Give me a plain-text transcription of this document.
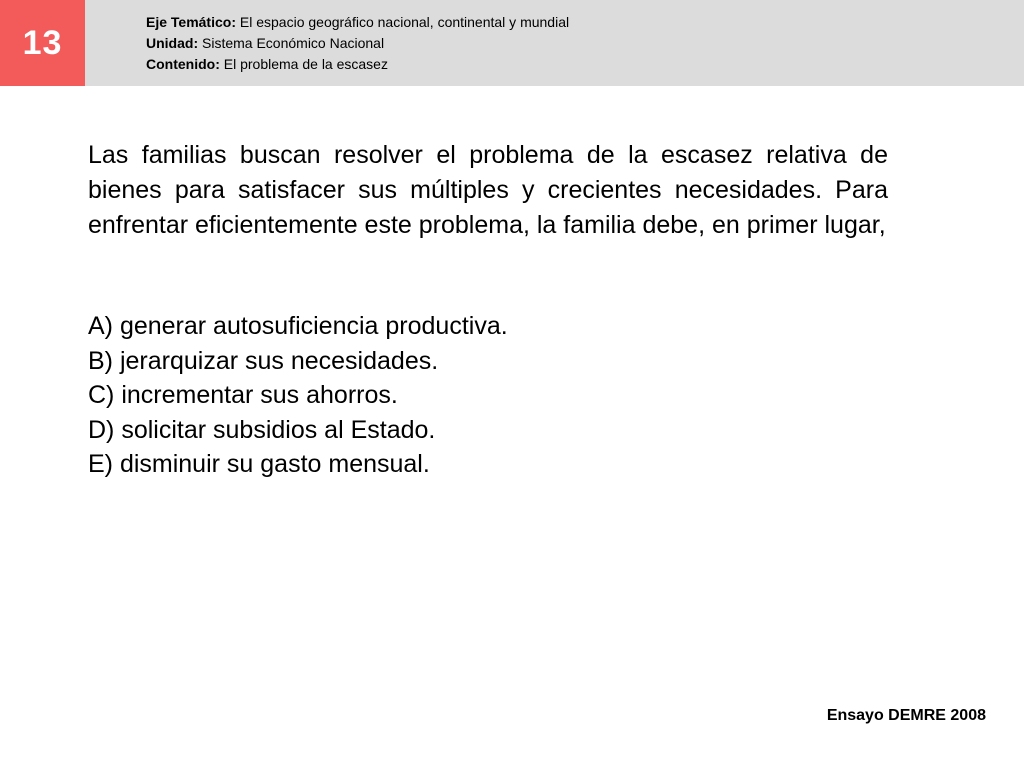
13
Eje Temático: El espacio geográfico nacional, continental y mundial
Unidad: Sistema Económico Nacional
Contenido: El problema de la escasez

Las familias buscan resolver el problema de la escasez relativa de bienes para satisfacer sus múltiples y crecientes necesidades. Para enfrentar eficientemente este problema, la familia debe, en primer lugar,

A) generar autosuficiencia productiva.
B) jerarquizar sus necesidades.
C) incrementar sus ahorros.
D) solicitar subsidios al Estado.
E) disminuir su gasto mensual.
Ensayo DEMRE 2008
